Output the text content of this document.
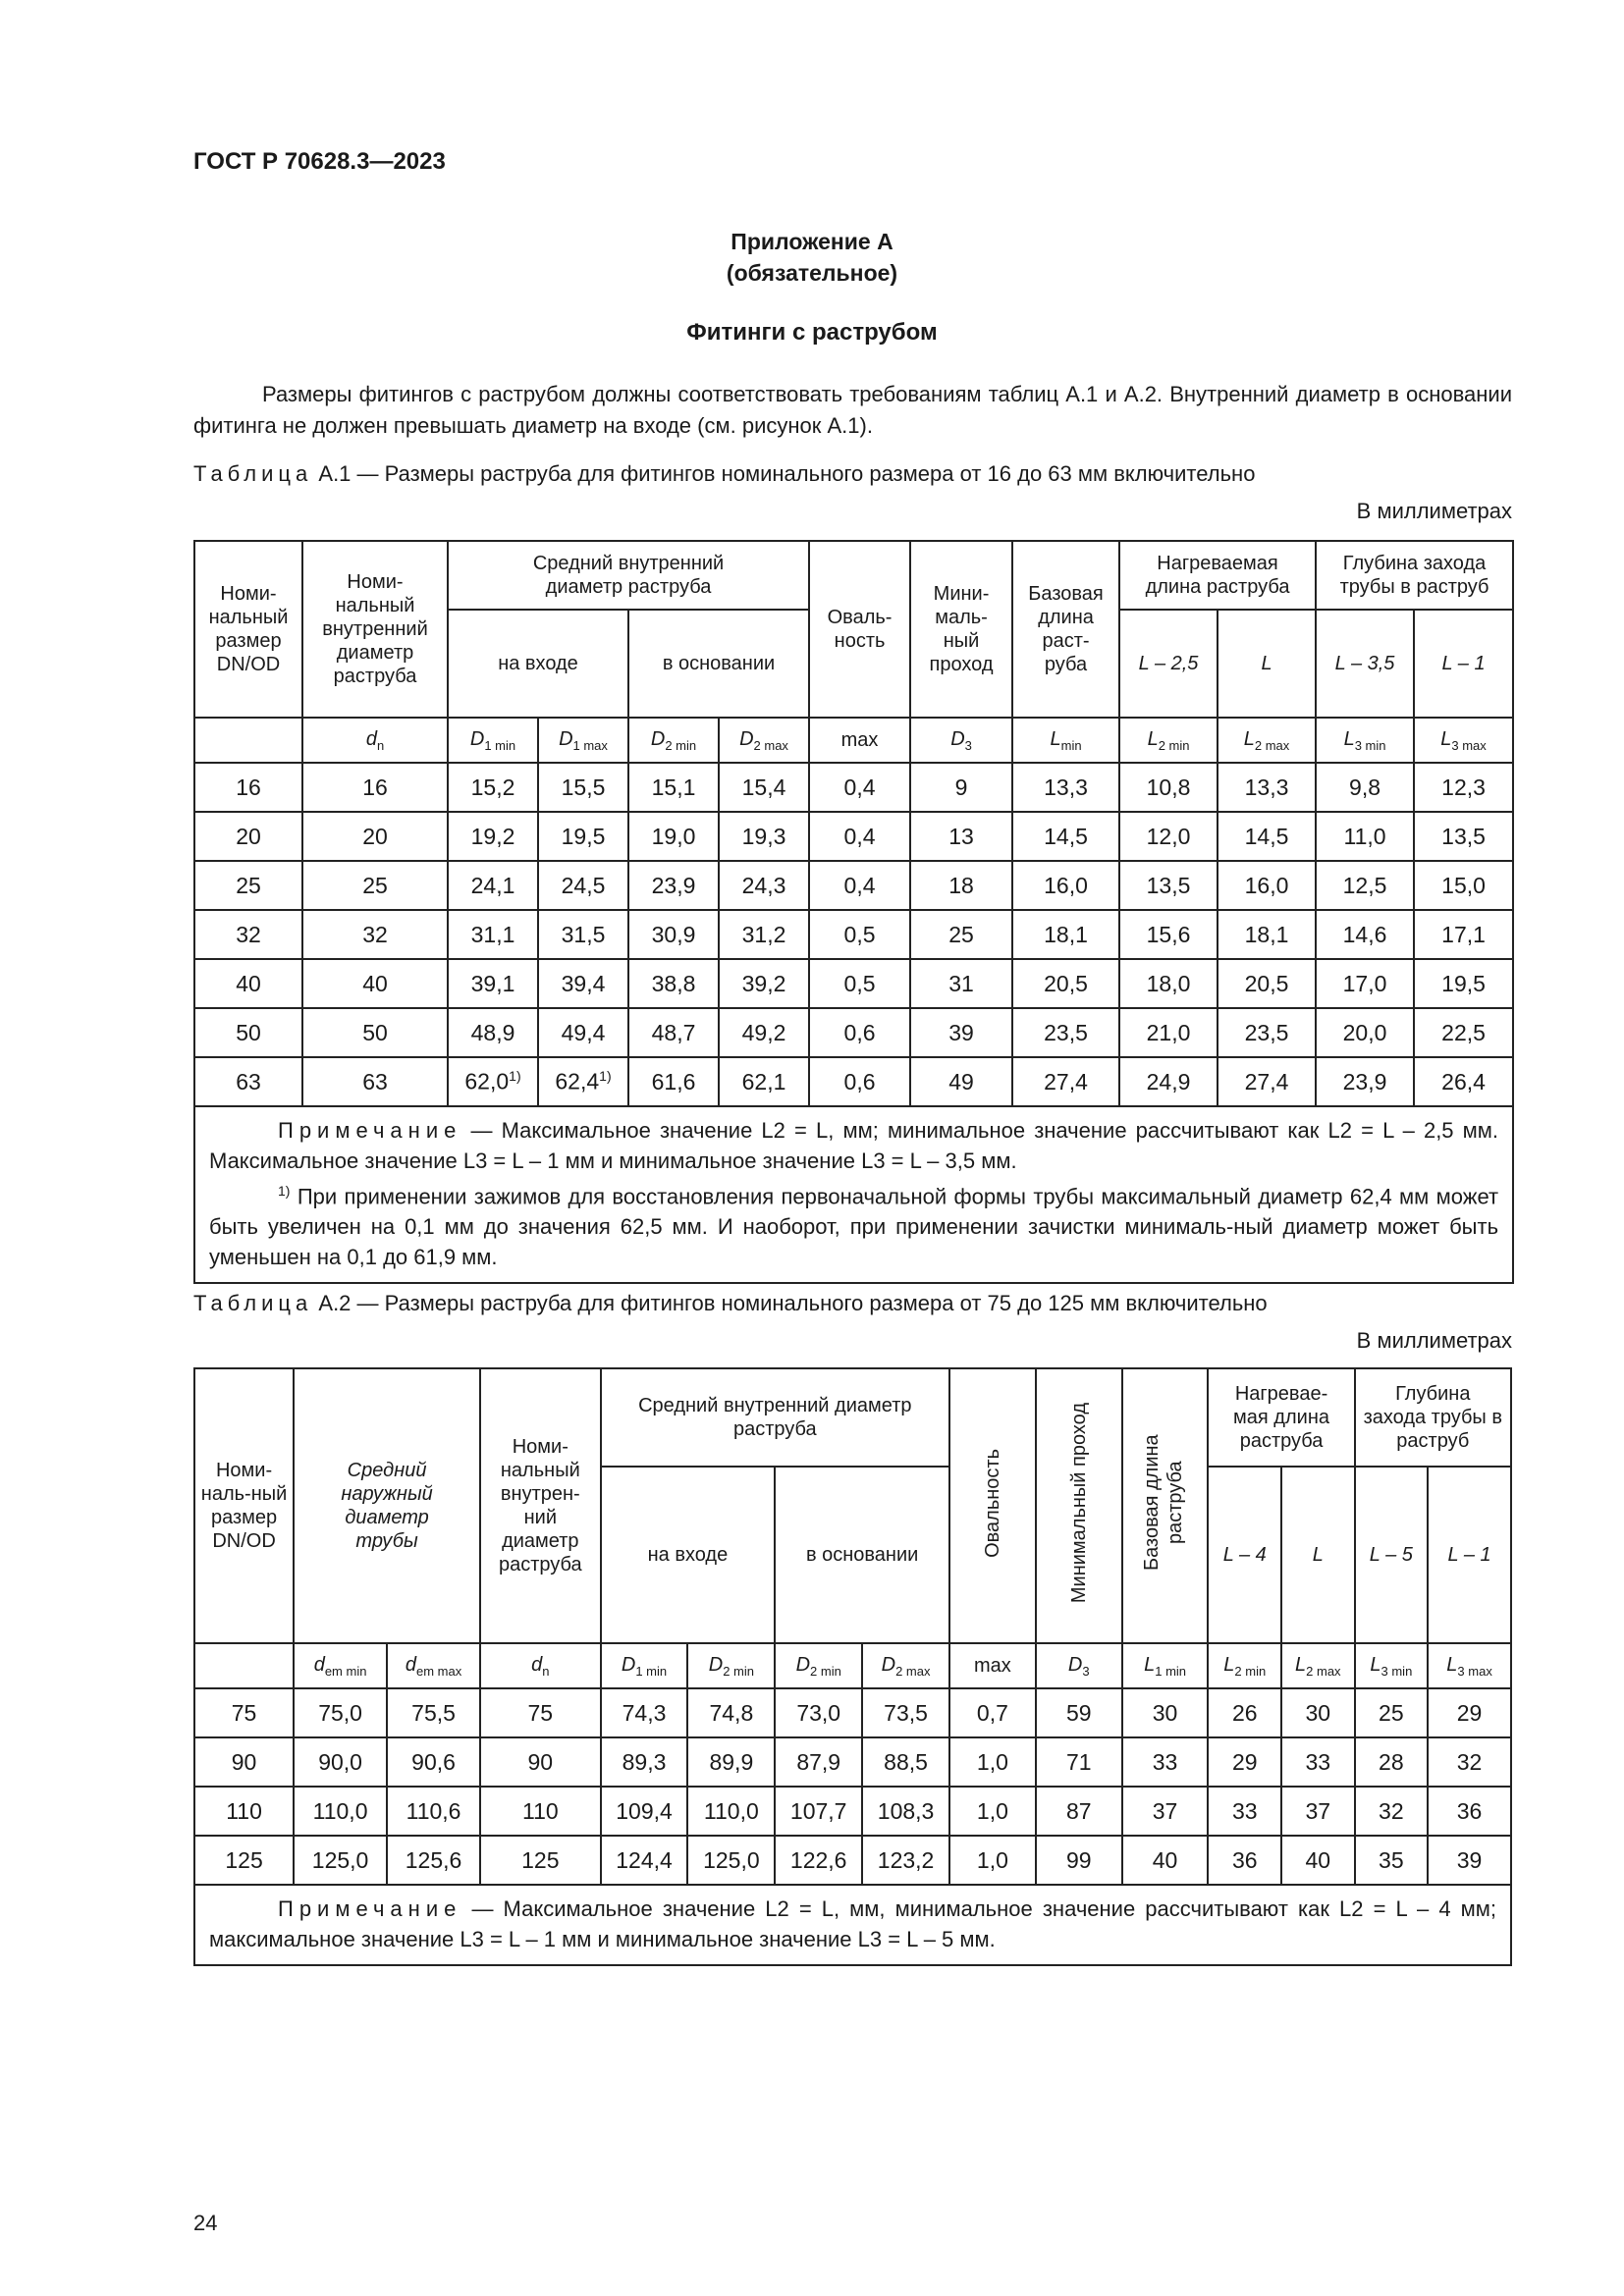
ГОСТ Р 70628.3—2023
Приложение А
(обязательное)
Фитинги с раструбом
Размеры фитингов с раструбом должны соответствовать требованиям таблиц А.1 и А.2. Внутренний диаметр в основании фитинга не должен превышать диаметр на входе (см. рисунок А.1).
Таблица А.1 — Размеры раструба для фитингов номинального размера от 16 до 63 мм включительно
В миллиметрах
Номи-нальный размер DN/OD	Номи-нальный внутренний диаметр раструба	Средний внутренний диаметр раструба				Оваль-ность	Мини-маль-ный проход	Базовая длина раст-руба	Нагреваемая длина раструба		Глубина захода трубы в раструб	
		на входе		в основании					L – 2,5	L	L – 3,5	L – 1
	$d_n$	$D_{1 min}$	$D_{1 max}$	$D_{2 min}$	$D_{2 max}$	max	$D_3$	$L_{min}$	$L_{2 min}$	$L_{2 max}$	$L_{3 min}$	$L_{3 max}$
16	16	15,2	15,5	15,1	15,4	0,4	9	13,3	10,8	13,3	9,8	12,3
20	20	19,2	19,5	19,0	19,3	0,4	13	14,5	12,0	14,5	11,0	13,5
25	25	24,1	24,5	23,9	24,3	0,4	18	16,0	13,5	16,0	12,5	15,0
32	32	31,1	31,5	30,9	31,2	0,5	25	18,1	15,6	18,1	14,6	17,1
40	40	39,1	39,4	38,8	39,2	0,5	31	20,5	18,0	20,5	17,0	19,5
50	50	48,9	49,4	48,7	49,2	0,6	39	23,5	21,0	23,5	20,0	22,5
63	63	62,0$^{1)}$	62,4$^{1)}$	61,6	62,1	0,6	49	27,4	24,9	27,4	23,9	26,4
Примечание — Максимальное значение L2 = L, мм; минимальное значение рассчитывают как L2 = L – 2,5 мм. Максимальное значение L3 = L – 1 мм и минимальное значение L3 = L – 3,5 мм.
$^{1)}$ При применении зажимов для восстановления первоначальной формы трубы максимальный диаметр 62,4 мм может быть увеличен на 0,1 мм до значения 62,5 мм. И наоборот, при применении зачистки минималь-ный диаметр может быть уменьшен на 0,1 до 61,9 мм.												
Таблица А.2 — Размеры раструба для фитингов номинального размера от 75 до 125 мм включительно
В миллиметрах
Номи-наль-ный размер DN/OD	Средний наружный диаметр трубы		Номи-нальный внутрен-ний диаметр раструба	Средний внутренний диаметр раструба				Овальность	Минимальный проход	Базовая длина раструба	Нагревае-мая длина раструба		Глубина захода трубы в раструб	
				на входе		в основании					L – 4	L	L – 5	L – 1
	$d_{em min}$	$d_{em max}$	$d_n$	$D_{1 min}$	$D_{2 min}$	$D_{2 min}$	$D_{2 max}$	max	$D_3$	$L_{1 min}$	$L_{2 min}$	$L_{2 max}$	$L_{3 min}$	$L_{3 max}$
75	75,0	75,5	75	74,3	74,8	73,0	73,5	0,7	59	30	26	30	25	29
90	90,0	90,6	90	89,3	89,9	87,9	88,5	1,0	71	33	29	33	28	32
110	110,0	110,6	110	109,4	110,0	107,7	108,3	1,0	87	37	33	37	32	36
125	125,0	125,6	125	124,4	125,0	122,6	123,2	1,0	99	40	36	40	35	39
Примечание — Максимальное значение L2 = L, мм, минимальное значение рассчитывают как L2 = L – 4 мм; максимальное значение L3 = L – 1 мм и минимальное значение L3 = L – 5 мм.														
24
